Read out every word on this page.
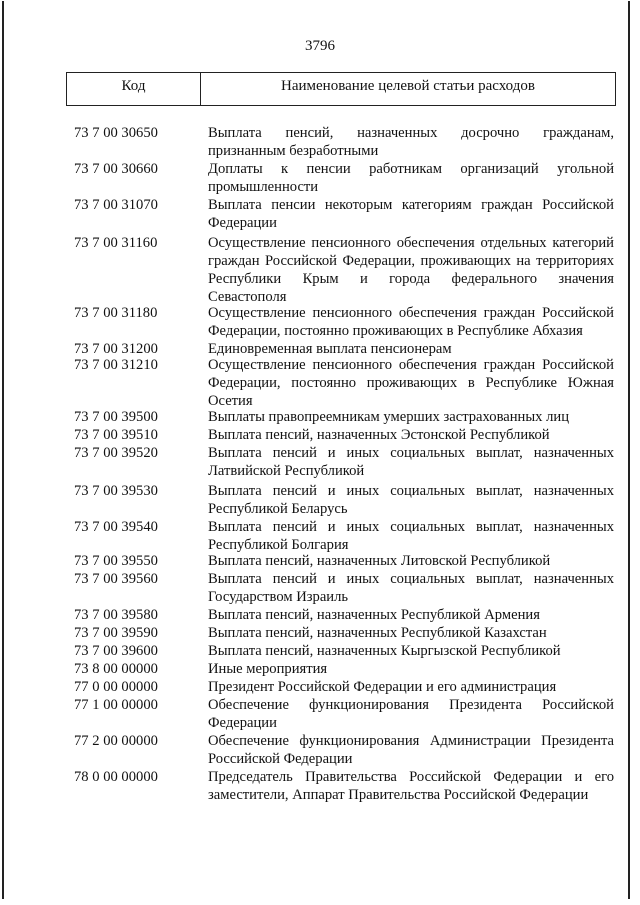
3796
Код	Наименование целевой статьи расходов
73 7 00 30650	Выплата пенсий, назначенных досрочно гражданам,
признанным безработными
73 7 00 30660	Доплаты к пенсии работникам организаций угольной
промышленности
73 7 00 31070	Выплата пенсии некоторым категориям граждан Российской
Федерации
73 7 00 31160	Осуществление пенсионного обеспечения отдельных категорий
граждан Российской Федерации, проживающих на территориях
Республики Крым и города федерального значения
Севастополя
73 7 00 31180	Осуществление пенсионного обеспечения граждан Российской
Федерации, постоянно проживающих в Республике Абхазия
73 7 00 31200	Единовременная выплата пенсионерам
73 7 00 31210	Осуществление пенсионного обеспечения граждан Российской
Федерации, постоянно проживающих в Республике Южная
Осетия
73 7 00 39500	Выплаты правопреемникам умерших застрахованных лиц
73 7 00 39510	Выплата пенсий, назначенных Эстонской Республикой
73 7 00 39520	Выплата пенсий и иных социальных выплат, назначенных
Латвийской Республикой
73 7 00 39530	Выплата пенсий и иных социальных выплат, назначенных
Республикой Беларусь
73 7 00 39540	Выплата пенсий и иных социальных выплат, назначенных
Республикой Болгария
73 7 00 39550	Выплата пенсий, назначенных Литовской Республикой
73 7 00 39560	Выплата пенсий и иных социальных выплат, назначенных
Государством Израиль
73 7 00 39580	Выплата пенсий, назначенных Республикой Армения
73 7 00 39590	Выплата пенсий, назначенных Республикой Казахстан
73 7 00 39600	Выплата пенсий, назначенных Кыргызской Республикой
73 8 00 00000	Иные мероприятия
77 0 00 00000	Президент Российской Федерации и его администрация
77 1 00 00000	Обеспечение функционирования Президента Российской
Федерации
77 2 00 00000	Обеспечение функционирования Администрации Президента
Российской Федерации
78 0 00 00000	Председатель Правительства Российской Федерации и его
заместители, Аппарат Правительства Российской Федерации
